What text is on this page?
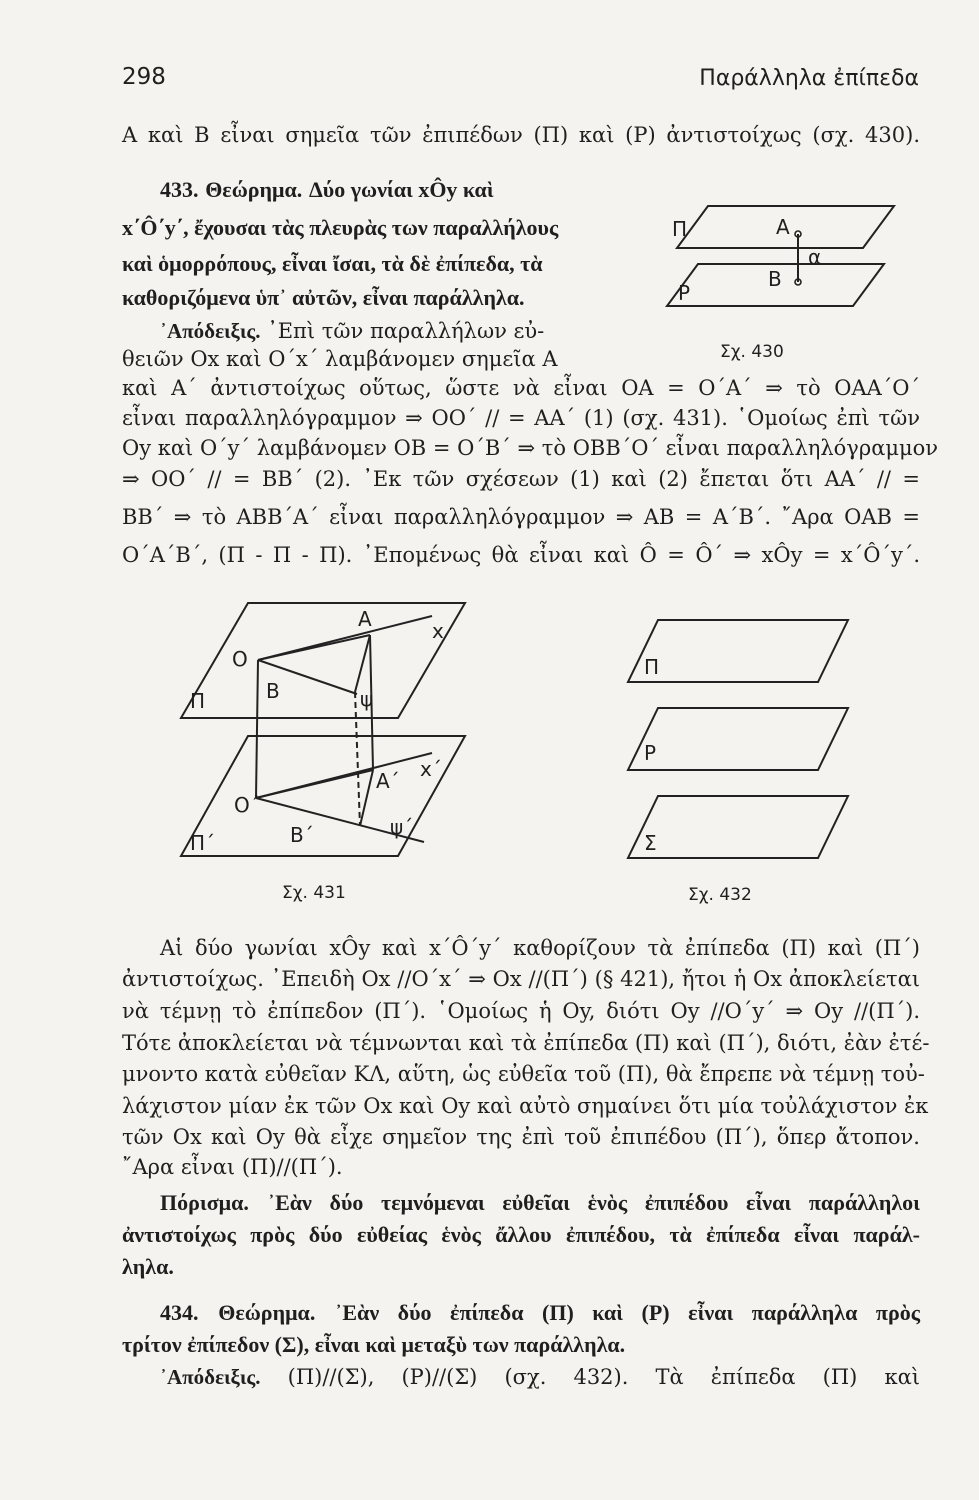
298	Παράλληλα ἐπίπεδα
Α καὶ Β εἶναι σημεῖα τῶν ἐπιπέδων (Π) καὶ (Ρ) ἀντιστοίχως (σχ. 430).
433. Θεώρημα. Δύο γωνίαι xÔy καὶ
x΄Ô΄y΄, ἔχουσαι τὰς πλευρὰς των παραλλήλους
καὶ ὁμορρόπους, εἶναι ἴσαι, τὰ δὲ ἐπίπεδα, τὰ
καθοριζόμενα ὑπ᾽ αὐτῶν, εἶναι παράλληλα.
᾽Απόδειξις. ᾽Επὶ τῶν παραλλήλων εὐ-
θειῶν Οx καὶ Ο΄x΄ λαμβάνομεν σημεῖα Α
Π
Ρ
Α
Β
α
Σχ. 430
καὶ Α΄ ἀντιστοίχως οὕτως, ὥστε νὰ εἶναι ΟΑ = Ο΄Α΄ ⇒ τὸ ΟΑΑ΄Ο΄
εἶναι παραλληλόγραμμον ⇒ ΟΟ΄ // = ΑΑ΄ (1) (σχ. 431). ῾Ομοίως ἐπὶ τῶν
Οy καὶ Ο΄y΄ λαμβάνομεν ΟΒ = Ο΄Β΄ ⇒ τὸ ΟΒΒ΄Ο΄ εἶναι παραλληλόγραμμον
⇒ ΟΟ΄ // = ΒΒ΄ (2). ᾽Εκ τῶν σχέσεων (1) καὶ (2) ἔπεται ὅτι ΑΑ΄ // =
ΒΒ΄ ⇒ τὸ ΑΒΒ΄Α΄ εἶναι παραλληλόγραμμον ⇒ ΑΒ = Α΄Β΄. ῎Αρα ΟΑΒ =
Ο΄Α΄Β΄, (Π - Π - Π). ᾽Επομένως θὰ εἶναι καὶ Ô = Ô΄ ⇒ xÔy = x΄Ô΄y΄.
Π
Π΄
Ο
Α
Β
x
ψ
Ο΄
Α΄
Β΄
x΄
ψ΄
Σχ. 431
Π
Ρ
Σ
Σχ. 432
Αἱ δύο γωνίαι xÔy καὶ x΄Ô΄y΄ καθορίζουν τὰ ἐπίπεδα (Π) καὶ (Π΄)
ἀντιστοίχως. ᾽Επειδὴ Οx //Ο΄x΄ ⇒ Οx //(Π΄) (§ 421), ἤτοι ἡ Οx ἀποκλείεται
νὰ τέμνῃ τὸ ἐπίπεδον (Π΄). ῾Ομοίως ἡ Οy, διότι Οy //Ο΄y΄ ⇒ Οy //(Π΄).
Τότε ἀποκλείεται νὰ τέμνωνται καὶ τὰ ἐπίπεδα (Π) καὶ (Π΄), διότι, ἐὰν ἐτέ-
μνοντο κατὰ εὐθεῖαν ΚΛ, αὕτη, ὡς εὐθεῖα τοῦ (Π), θὰ ἔπρεπε νὰ τέμνῃ τοὐ-
λάχιστον μίαν ἐκ τῶν Οx καὶ Οy καὶ αὐτὸ σημαίνει ὅτι μία τοὐλάχιστον ἐκ
τῶν Οx καὶ Οy θὰ εἶχε σημεῖον της ἐπὶ τοῦ ἐπιπέδου (Π΄), ὅπερ ἄτοπον.
῎Αρα εἶναι (Π)//(Π΄).
Πόρισμα. ᾽Εὰν δύο τεμνόμεναι εὐθεῖαι ἑνὸς ἐπιπέδου εἶναι παράλληλοι
ἀντιστοίχως πρὸς δύο εὐθείας ἑνὸς ἄλλου ἐπιπέδου, τὰ ἐπίπεδα εἶναι παράλ-
ληλα.
434. Θεώρημα. ᾽Εὰν δύο ἐπίπεδα (Π) καὶ (Ρ) εἶναι παράλληλα πρὸς
τρίτον ἐπίπεδον (Σ), εἶναι καὶ μεταξὺ των παράλληλα.
᾽Απόδειξις. (Π)//(Σ), (Ρ)//(Σ) (σχ. 432). Τὰ ἐπίπεδα (Π) καὶ
